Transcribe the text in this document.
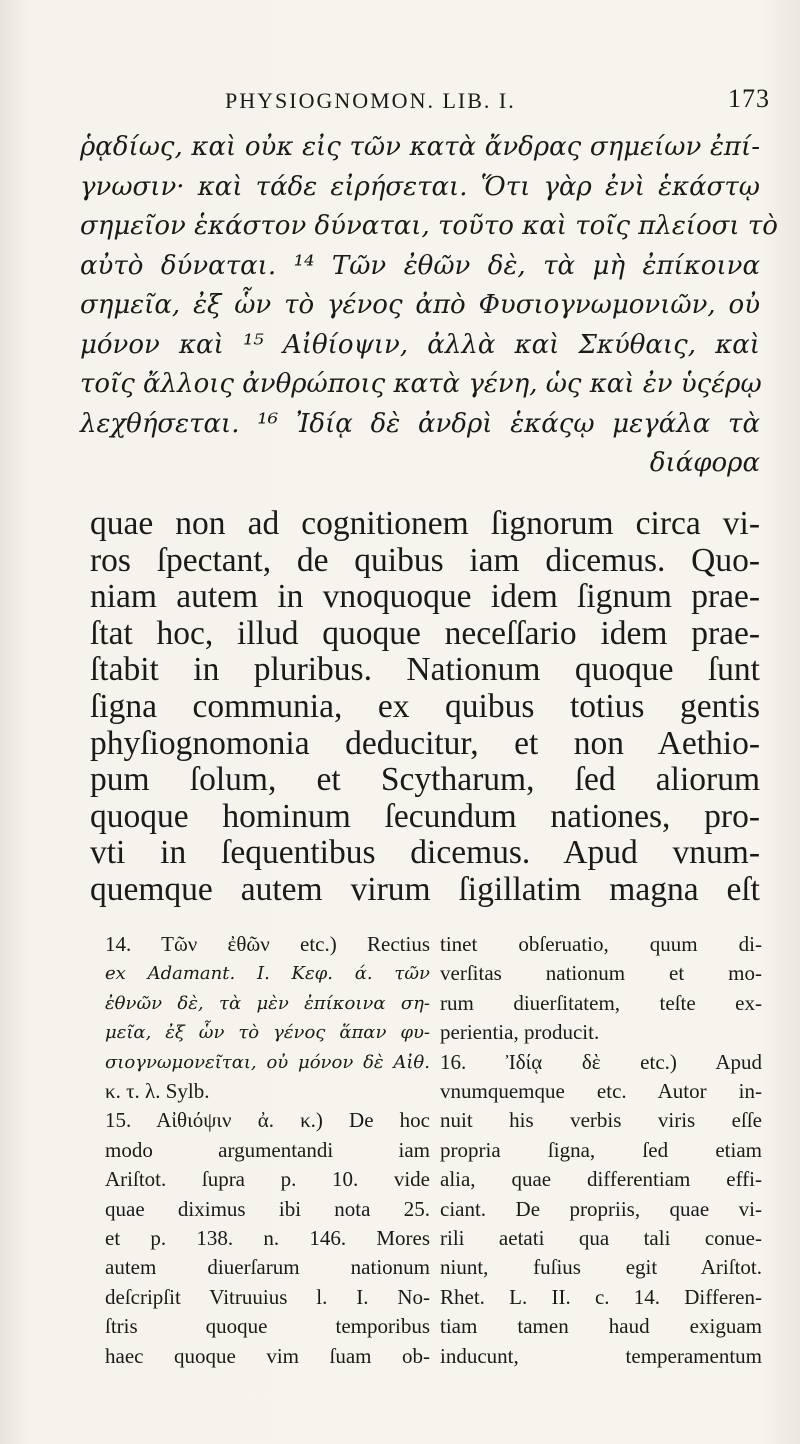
PHYSIOGNOMON. LIB. I.	173
ῥᾳδίως, καὶ οὐκ εἰς τῶν κατὰ ἄνδρας σημείων ἐπί-
γνωσιν· καὶ τάδε εἰρήσεται. Ὅτι γὰρ ἐνὶ ἑκάστῳ
σημεῖον ἑκάστον δύναται, τοῦτο καὶ τοῖς πλείοσι τὸ
αὐτὸ δύναται. ¹⁴ Τῶν ἐθῶν δὲ, τὰ μὴ ἐπίκοινα
σημεῖα, ἐξ ὧν τὸ γένος ἀπὸ Φυσιογνωμονιῶν, οὐ
μόνον καὶ ¹⁵ Αἰθίοψιν, ἀλλὰ καὶ Σκύθαις, καὶ
τοῖς ἄλλοις ἀνθρώποις κατὰ γένη, ὡς καὶ ἐν ὑςέρῳ
λεχθήσεται. ¹⁶ Ἰδίᾳ δὲ ἀνδρὶ ἑκάςῳ μεγάλα τὰ
διάφορα
quae non ad cognitionem ſignorum circa vi-
ros ſpectant, de quibus iam dicemus. Quo-
niam autem in vnoquoque idem ſignum prae-
ſtat hoc, illud quoque neceſſario idem prae-
ſtabit in pluribus. Nationum quoque ſunt
ſigna communia, ex quibus totius gentis
phyſiognomonia deducitur, et non Aethio-
pum ſolum, et Scytharum, ſed aliorum
quoque hominum ſecundum nationes, pro-
vti in ſequentibus dicemus. Apud vnum-
quemque autem virum ſigillatim magna eſt
14. Τῶν ἐθῶν etc.) Rectius
ex Adamant. I. Κεφ. ά. τῶν
ἐθνῶν δὲ, τὰ μὲν ἐπίκοινα ση-
μεῖα, ἐξ ὧν τὸ γένος ἅπαν φυ-
σιογνωμονεῖται, οὐ μόνον δὲ Αἰθ.
κ. τ. λ. Sylb.
15. Αἰθιόψιν ἀ. κ.) De hoc
modo argumentandi iam
Ariſtot. ſupra p. 10. vide
quae diximus ibi nota 25.
et p. 138. n. 146. Mores
autem diuerſarum nationum
deſcripſit Vitruuius l. I. No-
ſtris quoque temporibus
haec quoque vim ſuam ob-
tinet obſeruatio, quum di-
verſitas nationum et mo-
rum diuerſitatem, teſte ex-
perientia, producit.
16. Ἰδίᾳ δὲ etc.) Apud
vnumquemque etc. Autor in-
nuit his verbis viris eſſe
propria ſigna, ſed etiam
alia, quae differentiam effi-
ciant. De propriis, quae vi-
rili aetati qua tali conue-
niunt, fuſius egit Ariſtot.
Rhet. L. II. c. 14. Differen-
tiam tamen haud exiguam
inducunt, temperamentum
